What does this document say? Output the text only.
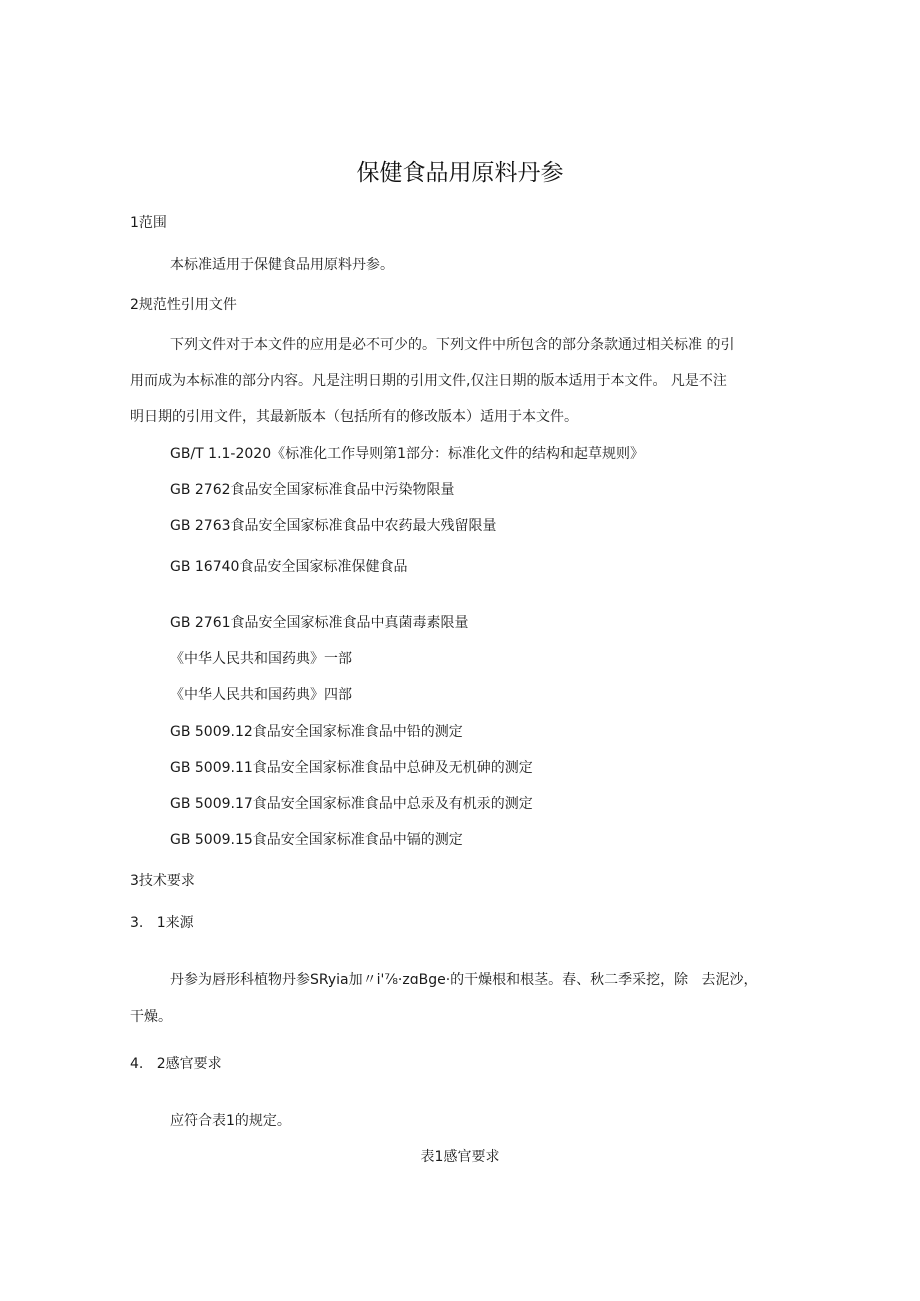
保健食品用原料丹参
1范围
本标准适用于保健食品用原料丹参。
2规范性引用文件
下列文件对于本文件的应用是必不可少的。下列文件中所包含的部分条款通过相关标准 的引
用而成为本标准的部分内容。凡是注明日期的引用文件,仅注日期的版本适用于本文件。 凡是不注
明日期的引用文件，其最新版本（包括所有的修改版本）适用于本文件。
GB/T 1.1-2020《标准化工作导则第1部分：标准化文件的结构和起草规则》
GB 2762食品安全国家标准食品中污染物限量
GB 2763食品安全国家标准食品中农药最大残留限量
GB 16740食品安全国家标准保健食品
GB 2761食品安全国家标准食品中真菌毒素限量
《中华人民共和国药典》一部
《中华人民共和国药典》四部
GB 5009.12食品安全国家标准食品中铅的测定
GB 5009.11食品安全国家标准食品中总砷及无机砷的测定
GB 5009.17食品安全国家标准食品中总汞及有机汞的测定
GB 5009.15食品安全国家标准食品中镉的测定
3技术要求
3.   1来源
丹参为唇形科植物丹参SRyia加〃i'⅞·zɑBge·的干燥根和根茎。春、秋二季采挖，除   去泥沙，
干燥。
4.   2感官要求
应符合表1的规定。
表1感官要求
